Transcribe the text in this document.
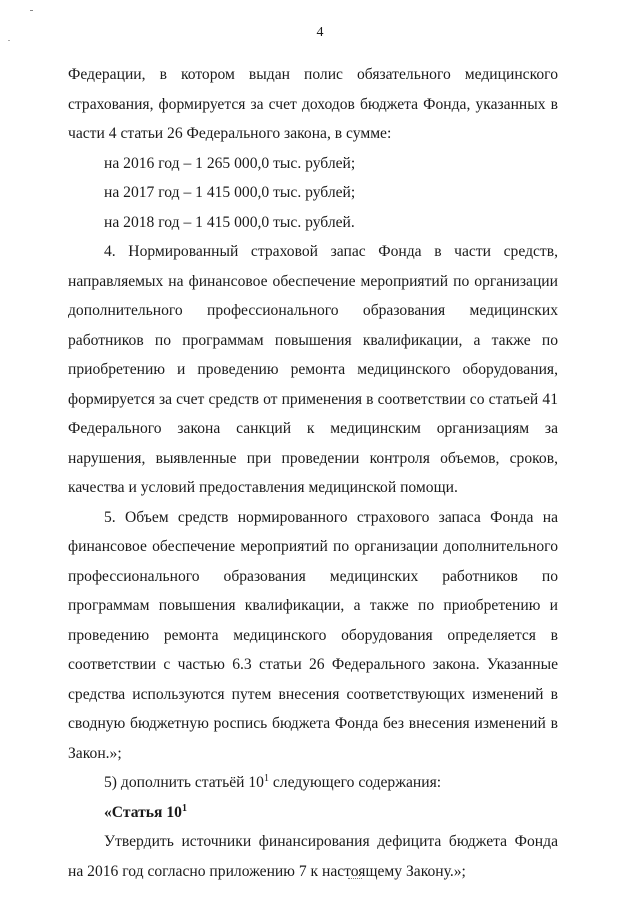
4

Федерации, в котором выдан полис обязательного медицинского страхования, формируется за счет доходов бюджета Фонда, указанных в части 4 статьи 26 Федерального закона, в сумме:

на 2016 год – 1 265 000,0 тыс. рублей;

на 2017 год – 1 415 000,0 тыс. рублей;

на 2018 год – 1 415 000,0 тыс. рублей.

4. Нормированный страховой запас Фонда в части средств, направляемых на финансовое обеспечение мероприятий по организации дополнительного профессионального образования медицинских работников по программам повышения квалификации, а также по приобретению и проведению ремонта медицинского оборудования, формируется за счет средств от применения в соответствии со статьей 41 Федерального закона санкций к медицинским организациям за нарушения, выявленные при проведении контроля объемов, сроков, качества и условий предоставления медицинской помощи.

5. Объем средств нормированного страхового запаса Фонда на финансовое обеспечение мероприятий по организации дополнительного профессионального образования медицинских работников по программам повышения квалификации, а также по приобретению и проведению ремонта медицинского оборудования определяется в соответствии с частью 6.3 статьи 26 Федерального закона. Указанные средства используются путем внесения соответствующих изменений в сводную бюджетную роспись бюджета Фонда без внесения изменений в Закон.»;

5) дополнить статьёй $10^1$ следующего содержания:

«Статья $10^1$

Утвердить источники финансирования дефицита бюджета Фонда на 2016 год согласно приложению 7 к настоящему Закону.»;
